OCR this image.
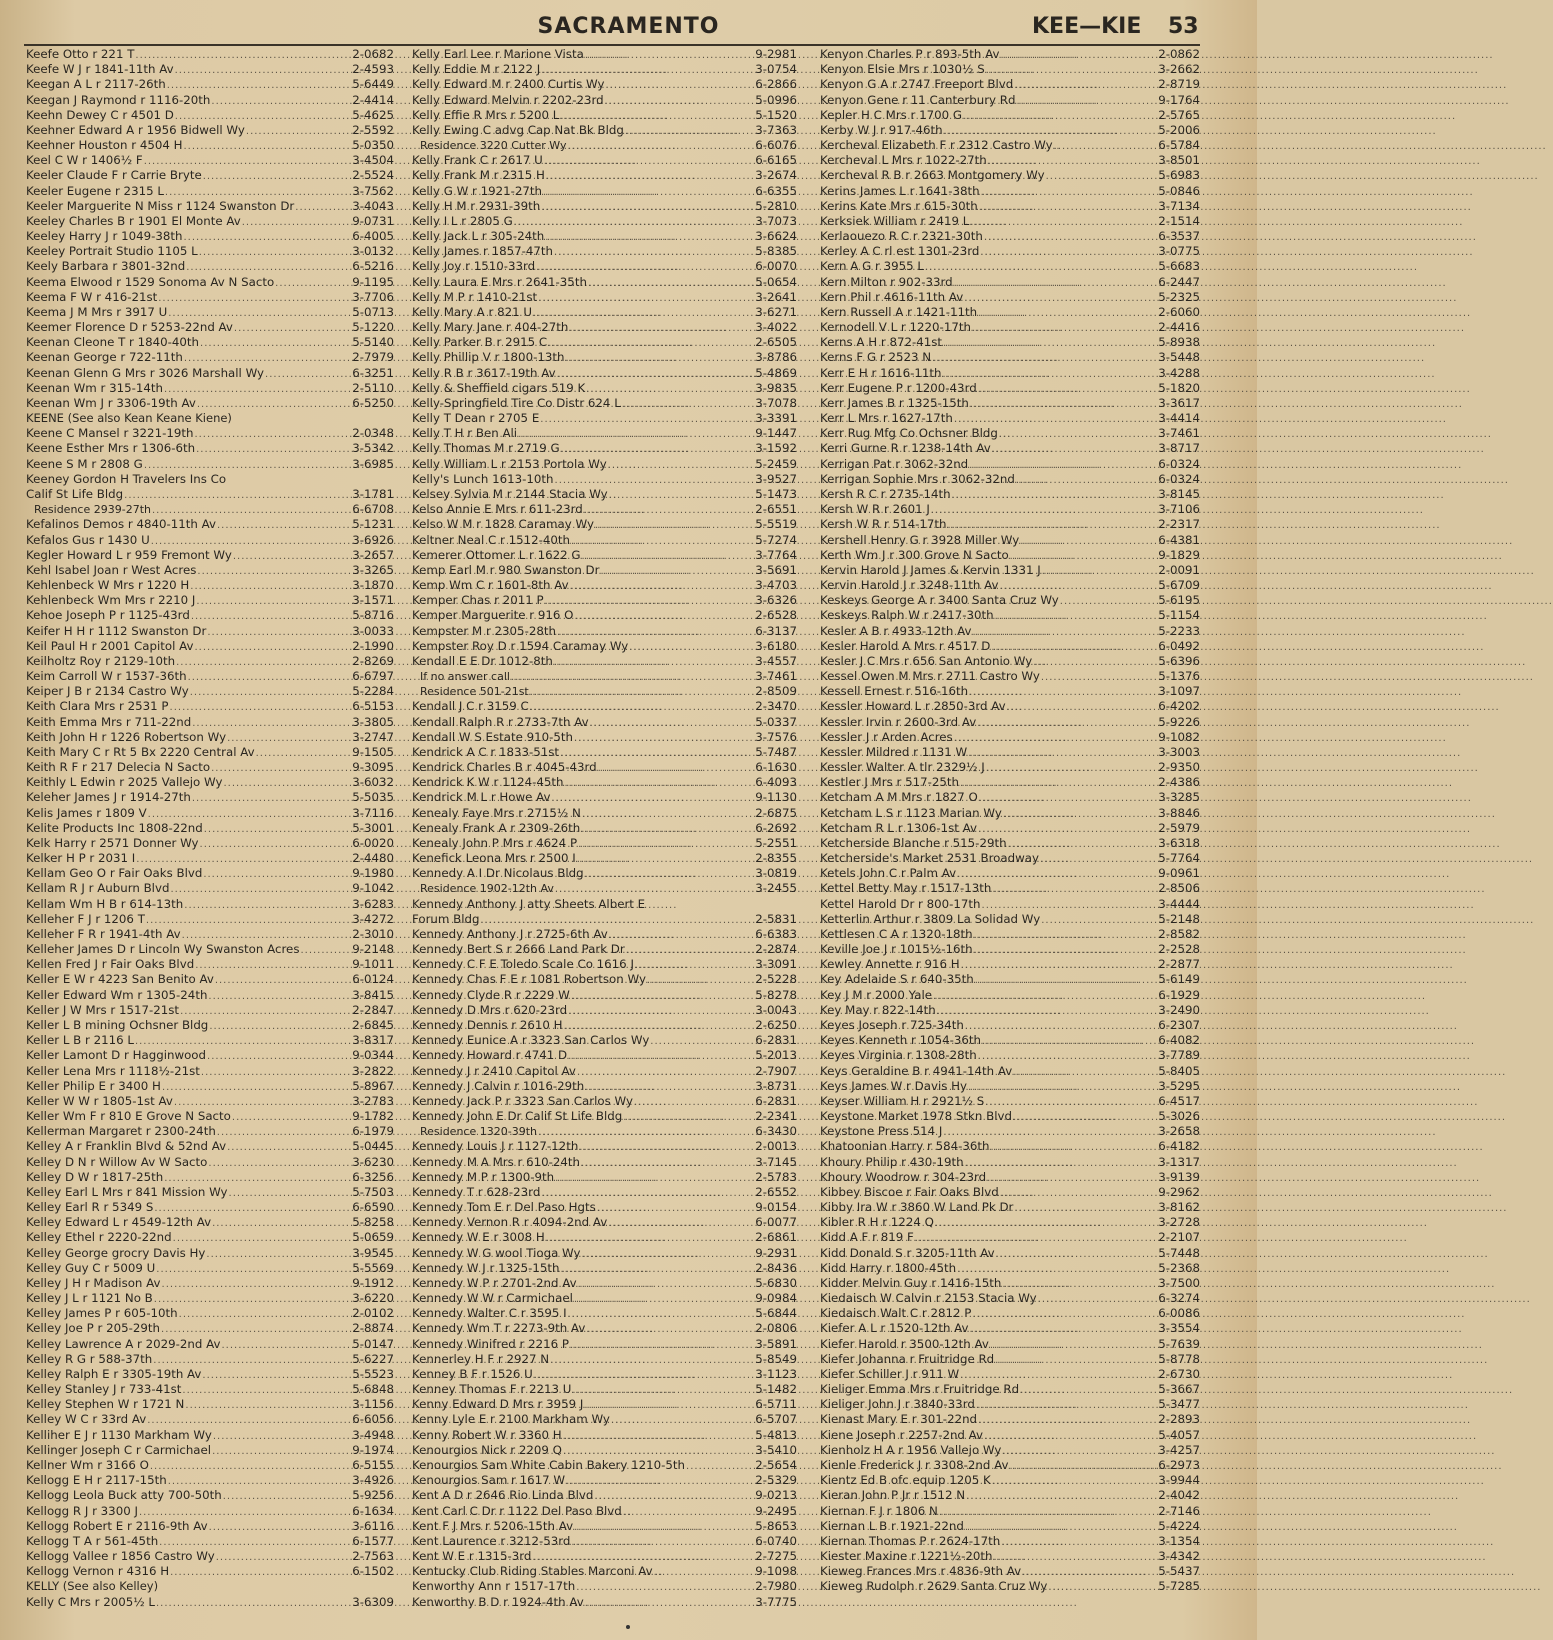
SACRAMENTO	KEE—KIE 53
Keefe Otto r 221 T .....	2-0682
Keefe W J r 1841-11th Av .....	2-4593
Keegan A L r 2117-26th .....	5-6449
Keegan J Raymond r 1116-20th .....	2-4414
Keehn Dewey C r 4501 D .....	5-4625
Keehner Edward A r 1956 Bidwell Wy .....	2-5592
Keehner Houston r 4504 H .....	5-0350
Keel C W r 1406½ F .....	3-4504
Keeler Claude F r Carrie Bryte .....	2-5524
Keeler Eugene r 2315 L .....	3-7562
Keeler Marguerite N Miss r 1124 Swanston Dr .....	3-4043
Keeley Charles B r 1901 El Monte Av .....	9-0731
Keeley Harry J r 1049-38th .....	6-4005
Keeley Portrait Studio 1105 L .....	3-0132
Keely Barbara r 3801-32nd .....	6-5216
Keema Elwood r 1529 Sonoma Av N Sacto .....	9-1195
Keema F W r 416-21st .....	3-7706
Keema J M Mrs r 3917 U .....	5-0713
Keemer Florence D r 5253-22nd Av .....	5-1220
Keenan Cleone T r 1840-40th .....	5-5140
Keenan George r 722-11th .....	2-7979
Keenan Glenn G Mrs r 3026 Marshall Wy .....	6-3251
Keenan Wm r 315-14th .....	2-5110
Keenan Wm J r 3306-19th Av .....	6-5250
KEENE (See also Kean Keane Kiene)
Keene C Mansel r 3221-19th .....	2-0348
Keene Esther Mrs r 1306-6th .....	3-5342
Keene S M r 2808 G .....	3-6985
Keeney Gordon H Travelers Ins Co
Calif St Life Bldg .....	3-1781
Residence 2939-27th .....	6-6708
Kefalinos Demos r 4840-11th Av .....	5-1231
Kefalos Gus r 1430 U .....	3-6926
Kegler Howard L r 959 Fremont Wy .....	3-2657
Kehl Isabel Joan r West Acres .....	3-3265
Kehlenbeck W Mrs r 1220 H .....	3-1870
Kehlenbeck Wm Mrs r 2210 J .....	3-1571
Kehoe Joseph P r 1125-43rd .....	5-8716
Keifer H H r 1112 Swanston Dr .....	3-0033
Keil Paul H r 2001 Capitol Av .....	2-1990
Keilholtz Roy r 2129-10th .....	2-8269
Keim Carroll W r 1537-36th .....	6-6797
Keiper J B r 2134 Castro Wy .....	5-2284
Keith Clara Mrs r 2531 P .....	6-5153
Keith Emma Mrs r 711-22nd .....	3-3805
Keith John H r 1226 Robertson Wy .....	3-2747
Keith Mary C r Rt 5 Bx 2220 Central Av .....	9-1505
Keith R F r 217 Delecia N Sacto .....	9-3095
Keithly L Edwin r 2025 Vallejo Wy .....	3-6032
Keleher James J r 1914-27th .....	5-5035
Kelis James r 1809 V .....	3-7116
Kelite Products Inc 1808-22nd .....	5-3001
Kelk Harry r 2571 Donner Wy .....	6-0020
Kelker H P r 2031 I .....	2-4480
Kellam Geo O r Fair Oaks Blvd .....	9-1980
Kellam R J r Auburn Blvd .....	9-1042
Kellam Wm H B r 614-13th .....	3-6283
Kelleher F J r 1206 T .....	3-4272
Kelleher F R r 1941-4th Av .....	2-3010
Kelleher James D r Lincoln Wy Swanston Acres .....	9-2148
Kellen Fred J r Fair Oaks Blvd .....	9-1011
Keller E W r 4223 San Benito Av .....	6-0124
Keller Edward Wm r 1305-24th .....	3-8415
Keller J W Mrs r 1517-21st .....	2-2847
Keller L B mining Ochsner Bldg .....	2-6845
Keller L B r 2116 L .....	3-8317
Keller Lamont D r Hagginwood .....	9-0344
Keller Lena Mrs r 1118½-21st .....	3-2822
Keller Philip E r 3400 H .....	5-8967
Keller W W r 1805-1st Av .....	3-2783
Keller Wm F r 810 E Grove N Sacto .....	9-1782
Kellerman Margaret r 2300-24th .....	6-1979
Kelley A r Franklin Blvd & 52nd Av .....	5-0445
Kelley D N r Willow Av W Sacto .....	3-6230
Kelley D W r 1817-25th .....	6-3256
Kelley Earl L Mrs r 841 Mission Wy .....	5-7503
Kelley Earl R r 5349 S .....	6-6590
Kelley Edward L r 4549-12th Av .....	5-8258
Kelley Ethel r 2220-22nd .....	5-0659
Kelley George grocry Davis Hy .....	3-9545
Kelley Guy C r 5009 U .....	5-5569
Kelley J H r Madison Av .....	9-1912
Kelley J L r 1121 No B .....	3-6220
Kelley James P r 605-10th .....	2-0102
Kelley Joe P r 205-29th .....	2-8874
Kelley Lawrence A r 2029-2nd Av .....	5-0147
Kelley R G r 588-37th .....	5-6227
Kelley Ralph E r 3305-19th Av .....	5-5523
Kelley Stanley J r 733-41st .....	5-6848
Kelley Stephen W r 1721 N .....	3-1156
Kelley W C r 33rd Av .....	6-6056
Kelliher E J r 1130 Markham Wy .....	3-4948
Kellinger Joseph C r Carmichael .....	9-1974
Kellner Wm r 3166 O .....	6-5155
Kellogg E H r 2117-15th .....	3-4926
Kellogg Leola Buck atty 700-50th .....	5-9256
Kellogg R J r 3300 J .....	6-1634
Kellogg Robert E r 2116-9th Av .....	3-6116
Kellogg T A r 561-45th .....	6-1577
Kellogg Vallee r 1856 Castro Wy .....	2-7563
Kellogg Vernon r 4316 H .....	6-1502
KELLY (See also Kelley)
Kelly C Mrs r 2005½ L .....	3-6309
Kelly Earl Lee r Marione Vista .....	9-2981
Kelly Eddie M r 2122 J .....	3-0754
Kelly Edward M r 2400 Curtis Wy .....	6-2866
Kelly Edward Melvin r 2202-23rd .....	5-0996
Kelly Effie R Mrs r 5200 L .....	5-1520
Kelly Ewing C advg Cap Nat Bk Bldg .....	3-7363
Residence 3220 Cutter Wy .....	6-6076
Kelly Frank C r 2617 U .....	6-6165
Kelly Frank M r 2315 H .....	3-2674
Kelly G W r 1921-27th .....	6-6355
Kelly H M r 2931-39th .....	5-2810
Kelly I L r 2805 G .....	3-7073
Kelly Jack L r 305-24th .....	3-6624
Kelly James r 1857-47th .....	5-8385
Kelly Joy r 1510-33rd .....	6-0070
Kelly Laura E Mrs r 2641-35th .....	5-0654
Kelly M P r 1410-21st .....	3-2641
Kelly Mary A r 821 U .....	3-6271
Kelly Mary Jane r 404-27th .....	3-4022
Kelly Parker B r 2915 C .....	2-6505
Kelly Phillip V r 1800-13th .....	3-8786
Kelly R B r 3617-19th Av .....	5-4869
Kelly & Sheffield cigars 519 K .....	3-9835
Kelly-Springfield Tire Co Distr 624 L .....	3-7078
Kelly T Dean r 2705 E .....	3-3391
Kelly T H r Ben Ali .....	9-1447
Kelly Thomas M r 2719 G .....	3-1592
Kelly William L r 2153 Portola Wy .....	5-2459
Kelly's Lunch 1613-10th .....	3-9527
Kelsey Sylvia M r 2144 Stacia Wy .....	5-1473
Kelso Annie E Mrs r 611-23rd .....	2-6551
Kelso W M r 1828 Caramay Wy .....	5-5519
Keltner Neal C r 1512-40th .....	5-7274
Kemerer Ottomer L r 1622 G .....	3-7764
Kemp Earl M r 980 Swanston Dr .....	3-5691
Kemp Wm C r 1601-8th Av .....	3-4703
Kemper Chas r 2011 P .....	3-6326
Kemper Marguerite r 916 O .....	2-6528
Kempster M r 2305-28th .....	6-3137
Kempster Roy D r 1594 Caramay Wy .....	3-6180
Kendall E E Dr 1012-8th .....	3-4557
If no answer call .....	3-7461
Residence 501-21st .....	2-8509
Kendall J C r 3159 C .....	2-3470
Kendall Ralph R r 2733-7th Av .....	5-0337
Kendall W S Estate 910-5th .....	3-7576
Kendrick A C r 1833-51st .....	5-7487
Kendrick Charles B r 4045-43rd .....	6-1630
Kendrick K W r 1124-45th .....	6-4093
Kendrick M L r Howe Av .....	9-1130
Kenealy Faye Mrs r 2715½ N .....	2-6875
Kenealy Frank A r 2309-26th .....	6-2692
Kenealy John P Mrs r 4624 P .....	5-2551
Kenefick Leona Mrs r 2500 I .....	2-8355
Kennedy A I Dr Nicolaus Bldg .....	3-0819
Residence 1902-12th Av .....	3-2455
Kennedy Anthony J atty Sheets Albert E
Forum Bldg .....	2-5831
Kennedy Anthony J r 2725-6th Av .....	6-6383
Kennedy Bert S r 2666 Land Park Dr .....	2-2874
Kennedy C F E Toledo Scale Co 1616 J .....	3-3091
Kennedy Chas F E r 1081 Robertson Wy .....	2-5228
Kennedy Clyde R r 2229 W .....	5-8278
Kennedy D Mrs r 620-23rd .....	3-0043
Kennedy Dennis r 2610 H .....	2-6250
Kennedy Eunice A r 3323 San Carlos Wy .....	6-2831
Kennedy Howard r 4741 D .....	5-2013
Kennedy J r 2410 Capitol Av .....	2-7907
Kennedy J Calvin r 1016-29th .....	3-8731
Kennedy Jack P r 3323 San Carlos Wy .....	6-2831
Kennedy John E Dr Calif St Life Bldg .....	2-2341
Residence 1320-39th .....	6-3430
Kennedy Louis J r 1127-12th .....	2-0013
Kennedy M A Mrs r 610-24th .....	3-7145
Kennedy M P r 1300-9th .....	2-5783
Kennedy T r 628-23rd .....	2-6552
Kennedy Tom E r Del Paso Hgts .....	9-0154
Kennedy Vernon R r 4094-2nd Av .....	6-0077
Kennedy W E r 3008 H .....	2-6861
Kennedy W G wool Tioga Wy .....	9-2931
Kennedy W J r 1325-15th .....	2-8436
Kennedy W P r 2701-2nd Av .....	5-6830
Kennedy W W r Carmichael .....	9-0984
Kennedy Walter C r 3595 I .....	5-6844
Kennedy Wm T r 2273-9th Av .....	2-0806
Kennedy Winifred r 2216 P .....	3-5891
Kennerley H F r 2927 N .....	5-8549
Kenney B F r 1526 U .....	3-1123
Kenney Thomas F r 2213 U .....	5-1482
Kenny Edward D Mrs r 3959 J .....	6-5711
Kenny Lyle E r 2100 Markham Wy .....	6-5707
Kenny Robert W r 3360 H .....	5-4813
Kenourgios Nick r 2209 Q .....	3-5410
Kenourgios Sam White Cabin Bakery 1210-5th .....	2-5654
Kenourgios Sam r 1617 W .....	2-5329
Kent A D r 2646 Rio Linda Blvd .....	9-0213
Kent Carl C Dr r 1122 Del Paso Blvd .....	9-2495
Kent F J Mrs r 5206-15th Av .....	5-8653
Kent Laurence r 3212-53rd .....	6-0740
Kent W E r 1315-3rd .....	2-7275
Kentucky Club Riding Stables Marconi Av .....	9-1098
Kenworthy Ann r 1517-17th .....	2-7980
Kenworthy B D r 1924-4th Av .....	3-7775
Kenyon Charles P r 893-5th Av .....	2-0862
Kenyon Elsie Mrs r 1030½ S .....	3-2662
Kenyon G A r 2747 Freeport Blvd .....	2-8719
Kenyon Gene r 11 Canterbury Rd .....	9-1764
Kepler H C Mrs r 1700 G .....	2-5765
Kerby W J r 917-46th .....	5-2006
Kercheval Elizabeth F r 2312 Castro Wy .....	6-5784
Kercheval L Mrs r 1022-27th .....	3-8501
Kercheval R B r 2663 Montgomery Wy .....	5-6983
Kerins James L r 1641-38th .....	5-0846
Kerins Kate Mrs r 615-30th .....	3-7134
Kerksiek William r 2419 L .....	2-1514
Kerlaouezo R C r 2321-30th .....	6-3537
Kerley A C rl est 1301-23rd .....	3-0775
Kern A G r 3955 L .....	5-6683
Kern Milton r 902-33rd .....	6-2447
Kern Phil r 4616-11th Av .....	5-2325
Kern Russell A r 1421-11th .....	2-6060
Kernodell V L r 1220-17th .....	2-4416
Kerns A H r 872-41st .....	5-8938
Kerns F G r 2523 N .....	3-5448
Kerr E H r 1616-11th .....	3-4288
Kerr Eugene P r 1200-43rd .....	5-1820
Kerr James B r 1325-15th .....	3-3617
Kerr L Mrs r 1627-17th .....	3-4414
Kerr Rug Mfg Co Ochsner Bldg .....	3-7461
Kerri Gurne R r 1238-14th Av .....	3-8717
Kerrigan Pat r 3062-32nd .....	6-0324
Kerrigan Sophie Mrs r 3062-32nd .....	6-0324
Kersh R C r 2735-14th .....	3-8145
Kersh W R r 2601 J .....	3-7106
Kersh W R r 514-17th .....	2-2317
Kershell Henry G r 3928 Miller Wy .....	6-4381
Kerth Wm J r 300 Grove N Sacto .....	9-1829
Kervin Harold J James & Kervin 1331 J .....	2-0091
Kervin Harold J r 3248-11th Av .....	5-6709
Keskeys George A r 3400 Santa Cruz Wy .....	5-6195
Keskeys Ralph W r 2417-30th .....	5-1154
Kesler A B r 4933-12th Av .....	5-2233
Kesler Harold A Mrs r 4517 D .....	6-0492
Kesler J C Mrs r 656 San Antonio Wy .....	5-6396
Kessel Owen M Mrs r 2711 Castro Wy .....	5-1376
Kessell Ernest r 516-16th .....	3-1097
Kessler Howard L r 2850-3rd Av .....	6-4202
Kessler Irvin r 2600-3rd Av .....	5-9226
Kessler J r Arden Acres .....	9-1082
Kessler Mildred r 1131 W .....	3-3003
Kessler Walter A tlr 2329½ J .....	2-9350
Kestler J Mrs r 517-25th .....	2-4386
Ketcham A M Mrs r 1827 O .....	3-3285
Ketcham L S r 1123 Marian Wy .....	3-8846
Ketcham R L r 1306-1st Av .....	2-5979
Ketcherside Blanche r 515-29th .....	3-6318
Ketcherside's Market 2531 Broadway .....	5-7764
Ketels John C r Palm Av .....	9-0961
Kettel Betty May r 1517-13th .....	2-8506
Kettel Harold Dr r 800-17th .....	3-4444
Ketterlin Arthur r 3809 La Solidad Wy .....	5-2148
Kettlesen C A r 1320-18th .....	2-8582
Keville Joe J r 1015½-16th .....	2-2528
Kewley Annette r 916 H .....	2-2877
Key Adelaide S r 640-35th .....	5-6149
Key J M r 2000 Yale .....	6-1929
Key May r 822-14th .....	3-2490
Keyes Joseph r 725-34th .....	6-2307
Keyes Kenneth r 1054-36th .....	6-4082
Keyes Virginia r 1308-28th .....	3-7789
Keys Geraldine B r 4941-14th Av .....	5-8405
Keys James W r Davis Hy .....	3-5295
Keyser William H r 2921½ S .....	6-4517
Keystone Market 1978 Stkn Blvd .....	5-3026
Keystone Press 514 J .....	3-2658
Khatoonian Harry r 584-36th .....	6-4182
Khoury Philip r 430-19th .....	3-1317
Khoury Woodrow r 304-23rd .....	3-9139
Kibbey Biscoe r Fair Oaks Blvd .....	9-2962
Kibby Ira W r 3860 W Land Pk Dr .....	3-8162
Kibler R H r 1224 Q .....	3-2728
Kidd A F r 819 F .....	2-2107
Kidd Donald S r 3205-11th Av .....	5-7448
Kidd Harry r 1800-45th .....	5-2368
Kidder Melvin Guy r 1416-15th .....	3-7500
Kiedaisch W Calvin r 2153 Stacia Wy .....	6-3274
Kiedaisch Walt C r 2812 P .....	6-0086
Kiefer A L r 1520-12th Av .....	3-3554
Kiefer Harold r 3500-12th Av .....	5-7639
Kiefer Johanna r Fruitridge Rd .....	5-8778
Kiefer Schiller J r 911 W .....	2-6730
Kieliger Emma Mrs r Fruitridge Rd .....	5-3667
Kieliger John J r 3840-33rd .....	5-3477
Kienast Mary E r 301-22nd .....	2-2893
Kiene Joseph r 2257-2nd Av .....	5-4057
Kienholz H A r 1956 Vallejo Wy .....	3-4257
Kienle Frederick J r 3308-2nd Av .....	6-2973
Kientz Ed B ofc equip 1205 K .....	3-9944
Kieran John P Jr r 1512 N .....	2-4042
Kiernan F J r 1806 N .....	2-7146
Kiernan L B r 1921-22nd .....	5-4224
Kiernan Thomas P r 2624-17th .....	3-1354
Kiester Maxine r 1221½-20th .....	3-4342
Kieweg Frances Mrs r 4836-9th Av .....	5-5437
Kieweg Rudolph r 2629 Santa Cruz Wy .....	5-7285
